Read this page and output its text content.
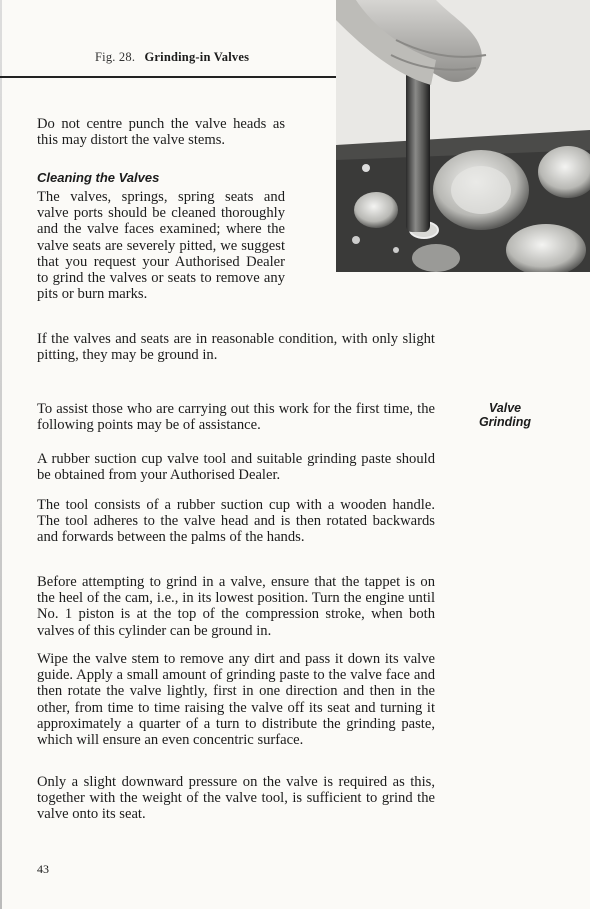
Fig. 28. Grinding-in Valves

Do not centre punch the valve heads as this may distort the valve stems.

Cleaning the Valves

The valves, springs, spring seats and valve ports should be cleaned thoroughly and the valve faces examined; where the valve seats are severely pitted, we suggest that you request your Authorised Dealer to grind the valves or seats to remove any pits or burn marks.

If the valves and seats are in reasonable condition, with only slight pitting, they may be ground in.

To assist those who are carrying out this work for the first time, the following points may be of assistance.

Valve
Grinding

A rubber suction cup valve tool and suitable grinding paste should be obtained from your Authorised Dealer.

The tool consists of a rubber suction cup with a wooden handle. The tool adheres to the valve head and is then rotated backwards and forwards between the palms of the hands.

Before attempting to grind in a valve, ensure that the tappet is on the heel of the cam, i.e., in its lowest position. Turn the engine until No. 1 piston is at the top of the compression stroke, when both valves of this cylinder can be ground in.

Wipe the valve stem to remove any dirt and pass it down its valve guide. Apply a small amount of grinding paste to the valve face and then rotate the valve lightly, first in one direction and then in the other, from time to time raising the valve off its seat and turning it approximately a quarter of a turn to distribute the grinding paste, which will ensure an even concentric surface.

Only a slight downward pressure on the valve is required as this, together with the weight of the valve tool, is sufficient to grind the valve onto its seat.

43
